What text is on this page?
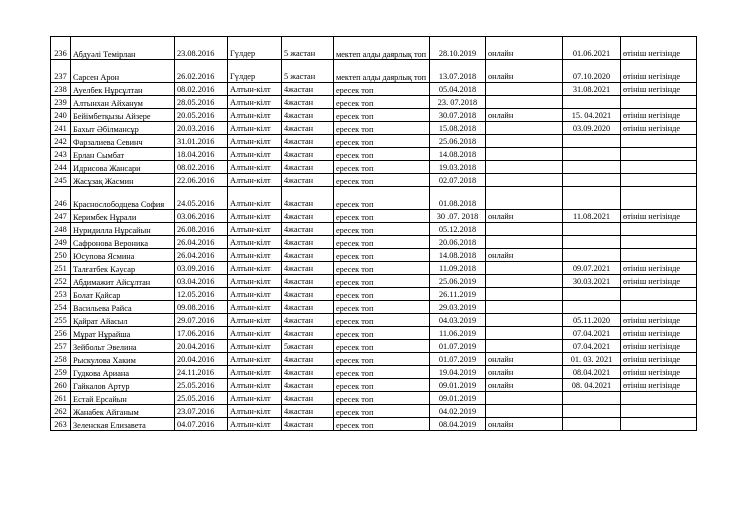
236	Абдуәлі Темірлан	23.08.2016	Гүлдер	5 жастан	мектеп алды даярлық топ	28.10.2019	онлайн	01.06.2021	өтініш негізінде
237	Сарсен Арон	26.02.2016	Гүлдер	5 жастан	мектеп алды даярлық топ	13.07.2018	онлайн	07.10.2020	өтініш негізінде
238	Ауелбек Нұрсұлтан	08.02.2016	Алтын-кілт	4жастан	ересек топ	05.04.2018		31.08.2021	өтініш негізінде
239	Алтынхан Айханум	28.05.2016	Алтын-кілт	4жастан	ересек топ	23. 07.2018			
240	Бейімбетқызы Айзере	20.05.2016	Алтын-кілт	4жастан	ересек топ	30.07.2018	онлайн	15. 04.2021	өтініш негізінде
241	Бахыт Әбілмансұр	20.03.2016	Алтын-кілт	4жастан	ересек топ	15.08.2018		03.09.2020	өтініш негізінде
242	Фарзалиева Севинч	31.01.2016	Алтын-кілт	4жастан	ересек топ	25.06.2018			
243	Ерлан Сымбат	18.04.2016	Алтын-кілт	4жастан	ересек топ	14.08.2018			
244	Идрисова Жансари	08.02.2016	Алтын-кілт	4жастан	ересек топ	19.03.2018			
245	Жасұзақ Жасмин	22.06.2016	Алтын-кілт	4жастан	ересек топ	02.07.2018			
246	Краснослободцева София	24.05.2016	Алтын-кілт	4жастан	ересек топ	01.08.2018			
247	Керимбек Нұрали	03.06.2016	Алтын-кілт	4жастан	ересек топ	30 .07. 2018	онлайн	11.08.2021	өтініш негізінде
248	Нуридилла Нұрсайын	26.08.2016	Алтын-кілт	4жастан	ересек топ	05.12.2018			
249	Сафронова Вероника	26.04.2016	Алтын-кілт	4жастан	ересек топ	20.06.2018			
250	Юсупова Ясмина	26.04.2016	Алтын-кілт	4жастан	ересек топ	14.08.2018	онлайн		
251	Талғатбек Кәусар	03.09.2016	Алтын-кілт	4жастан	ересек топ	11.09.2018		09.07.2021	өтініш негізінде
252	Абдимажит Айсұлтан	03.04.2016	Алтын-кілт	4жастан	ересек топ	25.06.2019		30.03.2021	өтініш негізінде
253	Болат Қайсар	12.05.2016	Алтын-кілт	4жастан	ересек топ	26.11.2019			
254	Васильева Райса	09.08.2016	Алтын-кілт	4жастан	ересек топ	29.03.2019			
255	Қайрат Айасыл	29.07.2016	Алтын-кілт	4жастан	ересек топ	04.03.2019		05.11.2020	өтініш негізінде
256	Мұрат Нұрайша	17.06.2016	Алтын-кілт	4жастан	ересек топ	11.06.2019		07.04.2021	өтініш негізінде
257	Зейбольт Эвелина	20.04.2016	Алтын-кілт	5жастан	ересек топ	01.07.2019		07.04.2021	өтініш негізінде
258	Рыскулова Хаким	20.04.2016	Алтын-кілт	4жастан	ересек топ	01.07.2019	онлайн	01. 03. 2021	өтініш негізінде
259	Гудкова Ариана	24.11.2016	Алтын-кілт	4жастан	ересек топ	19.04.2019	онлайн	08.04.2021	өтініш негізінде
260	Гайкалов Артур	25.05.2016	Алтын-кілт	4жастан	ересек топ	09.01.2019	онлайн	08. 04.2021	өтініш негізінде
261	Естай Ерсайын	25.05.2016	Алтын-кілт	4жастан	ересек топ	09.01.2019			
262	Жанабек Айганым	23.07.2016	Алтын-кілт	4жастан	ересек топ	04.02.2019			
263	Зеленская Елизавета	04.07.2016	Алтын-кілт	4жастан	ересек топ	08.04.2019	онлайн		
